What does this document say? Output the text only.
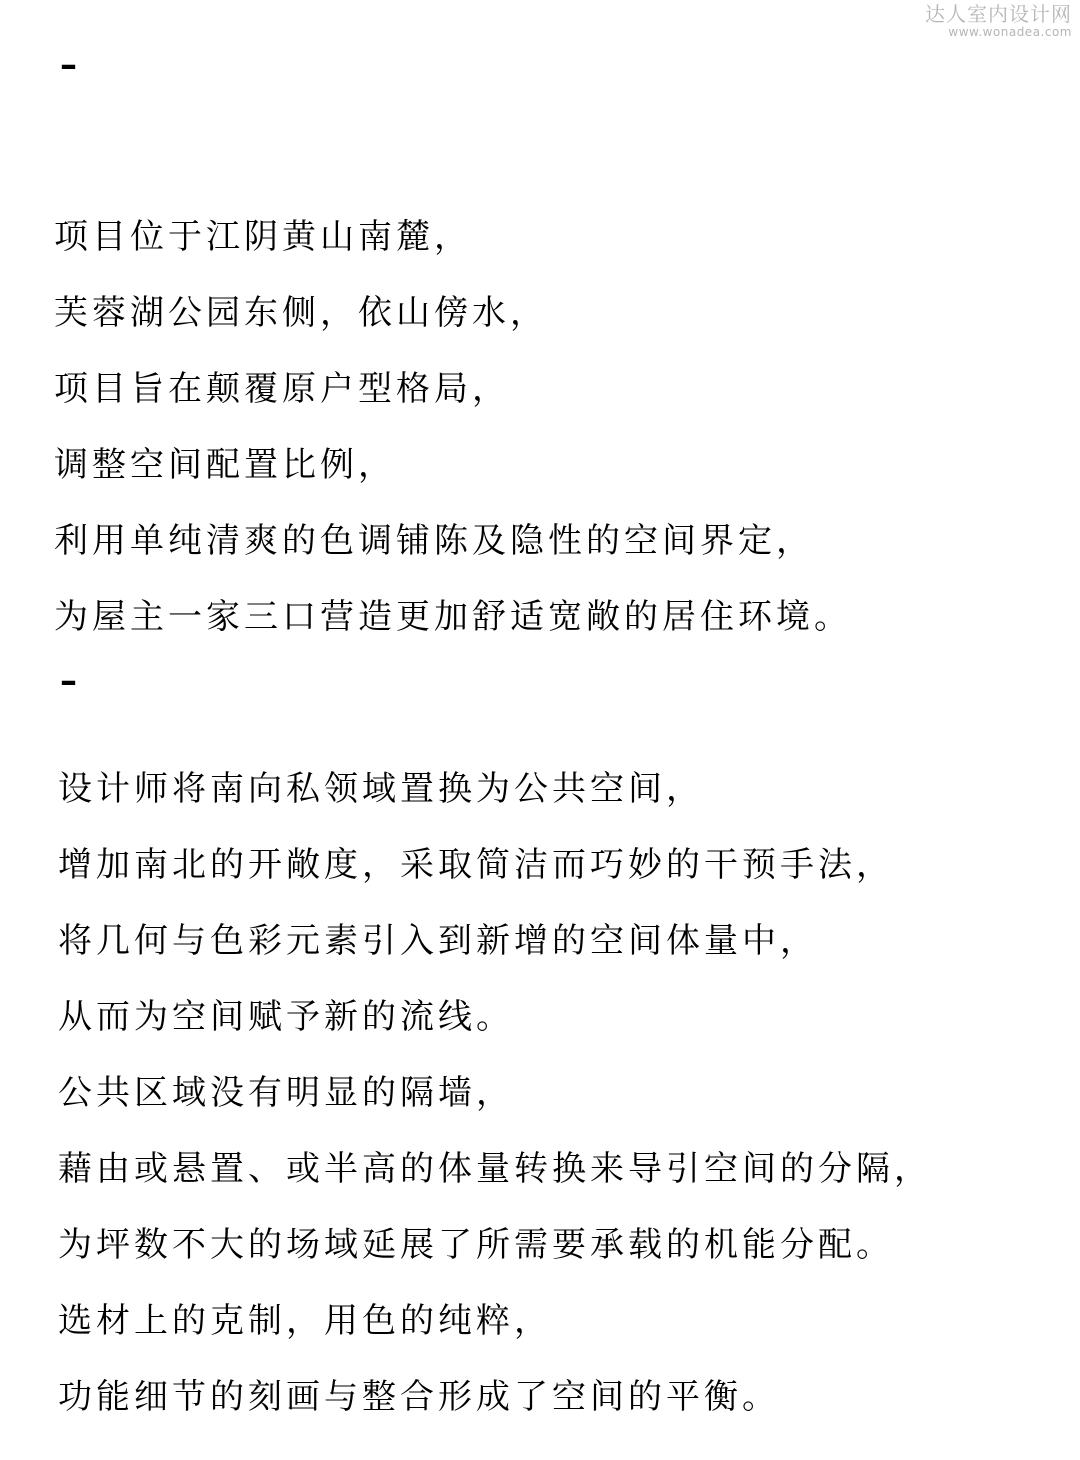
达人室内设计网
www.wonadea.com
–
项目位于江阴黄山南麓，
芙蓉湖公园东侧，依山傍水，
项目旨在颠覆原户型格局，
调整空间配置比例，
利用单纯清爽的色调铺陈及隐性的空间界定，
为屋主一家三口营造更加舒适宽敞的居住环境。
–
设计师将南向私领域置换为公共空间，
增加南北的开敞度，采取简洁而巧妙的干预手法，
将几何与色彩元素引入到新增的空间体量中，
从而为空间赋予新的流线。
公共区域没有明显的隔墙，
藉由或悬置、或半高的体量转换来导引空间的分隔，
为坪数不大的场域延展了所需要承载的机能分配。
选材上的克制，用色的纯粹，
功能细节的刻画与整合形成了空间的平衡。
